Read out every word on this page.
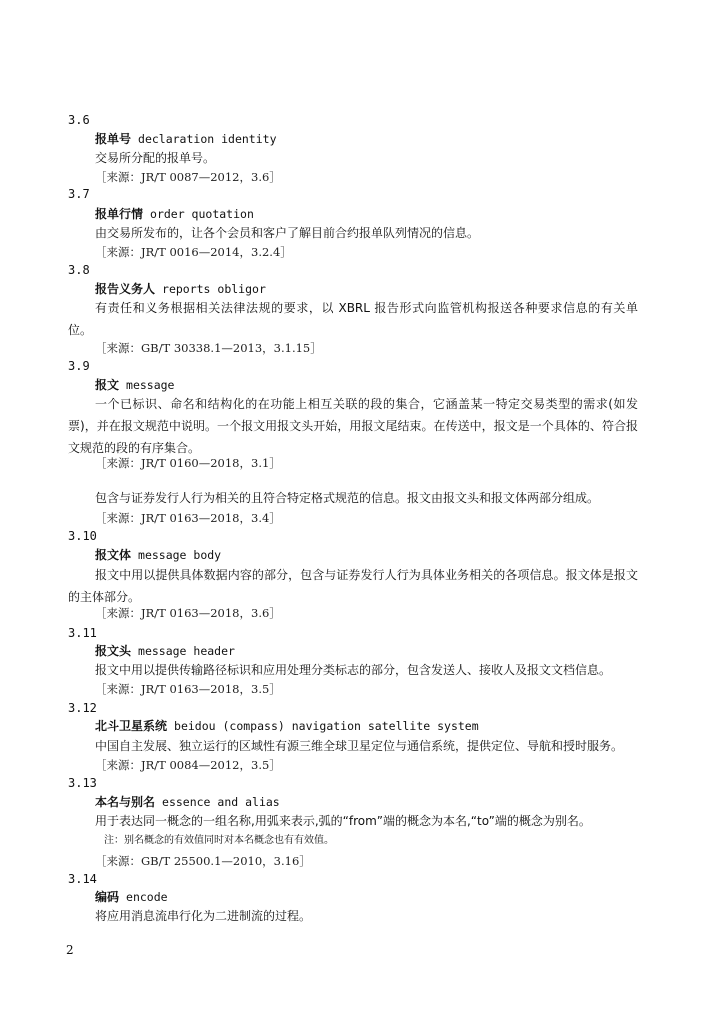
3.6
报单号 declaration identity
交易所分配的报单号。
［来源：JR/T 0087—2012，3.6］
3.7
报单行情 order quotation
由交易所发布的，让各个会员和客户了解目前合约报单队列情况的信息。
［来源：JR/T 0016—2014，3.2.4］
3.8
报告义务人 reports obligor
有责任和义务根据相关法律法规的要求，以 XBRL 报告形式向监管机构报送各种要求信息的有关单位。
［来源：GB/T 30338.1—2013，3.1.15］
3.9
报文 message
一个已标识、命名和结构化的在功能上相互关联的段的集合，它涵盖某一特定交易类型的需求(如发票)，并在报文规范中说明。一个报文用报文头开始，用报文尾结束。在传送中，报文是一个具体的、符合报文规范的段的有序集合。
［来源：JR/T 0160—2018，3.1］
包含与证券发行人行为相关的且符合特定格式规范的信息。报文由报文头和报文体两部分组成。
［来源：JR/T 0163—2018，3.4］
3.10
报文体 message body
报文中用以提供具体数据内容的部分，包含与证券发行人行为具体业务相关的各项信息。报文体是报文的主体部分。
［来源：JR/T 0163—2018，3.6］
3.11
报文头 message header
报文中用以提供传输路径标识和应用处理分类标志的部分，包含发送人、接收人及报文文档信息。
［来源：JR/T 0163—2018，3.5］
3.12
北斗卫星系统 beidou (compass) navigation satellite system
中国自主发展、独立运行的区域性有源三维全球卫星定位与通信系统，提供定位、导航和授时服务。
［来源：JR/T 0084—2012，3.5］
3.13
本名与别名 essence and alias
用于表达同一概念的一组名称,用弧来表示,弧的“from”端的概念为本名,“to”端的概念为别名。
注：别名概念的有效值同时对本名概念也有有效值。
［来源：GB/T 25500.1—2010，3.16］
3.14
编码 encode
将应用消息流串行化为二进制流的过程。
2
